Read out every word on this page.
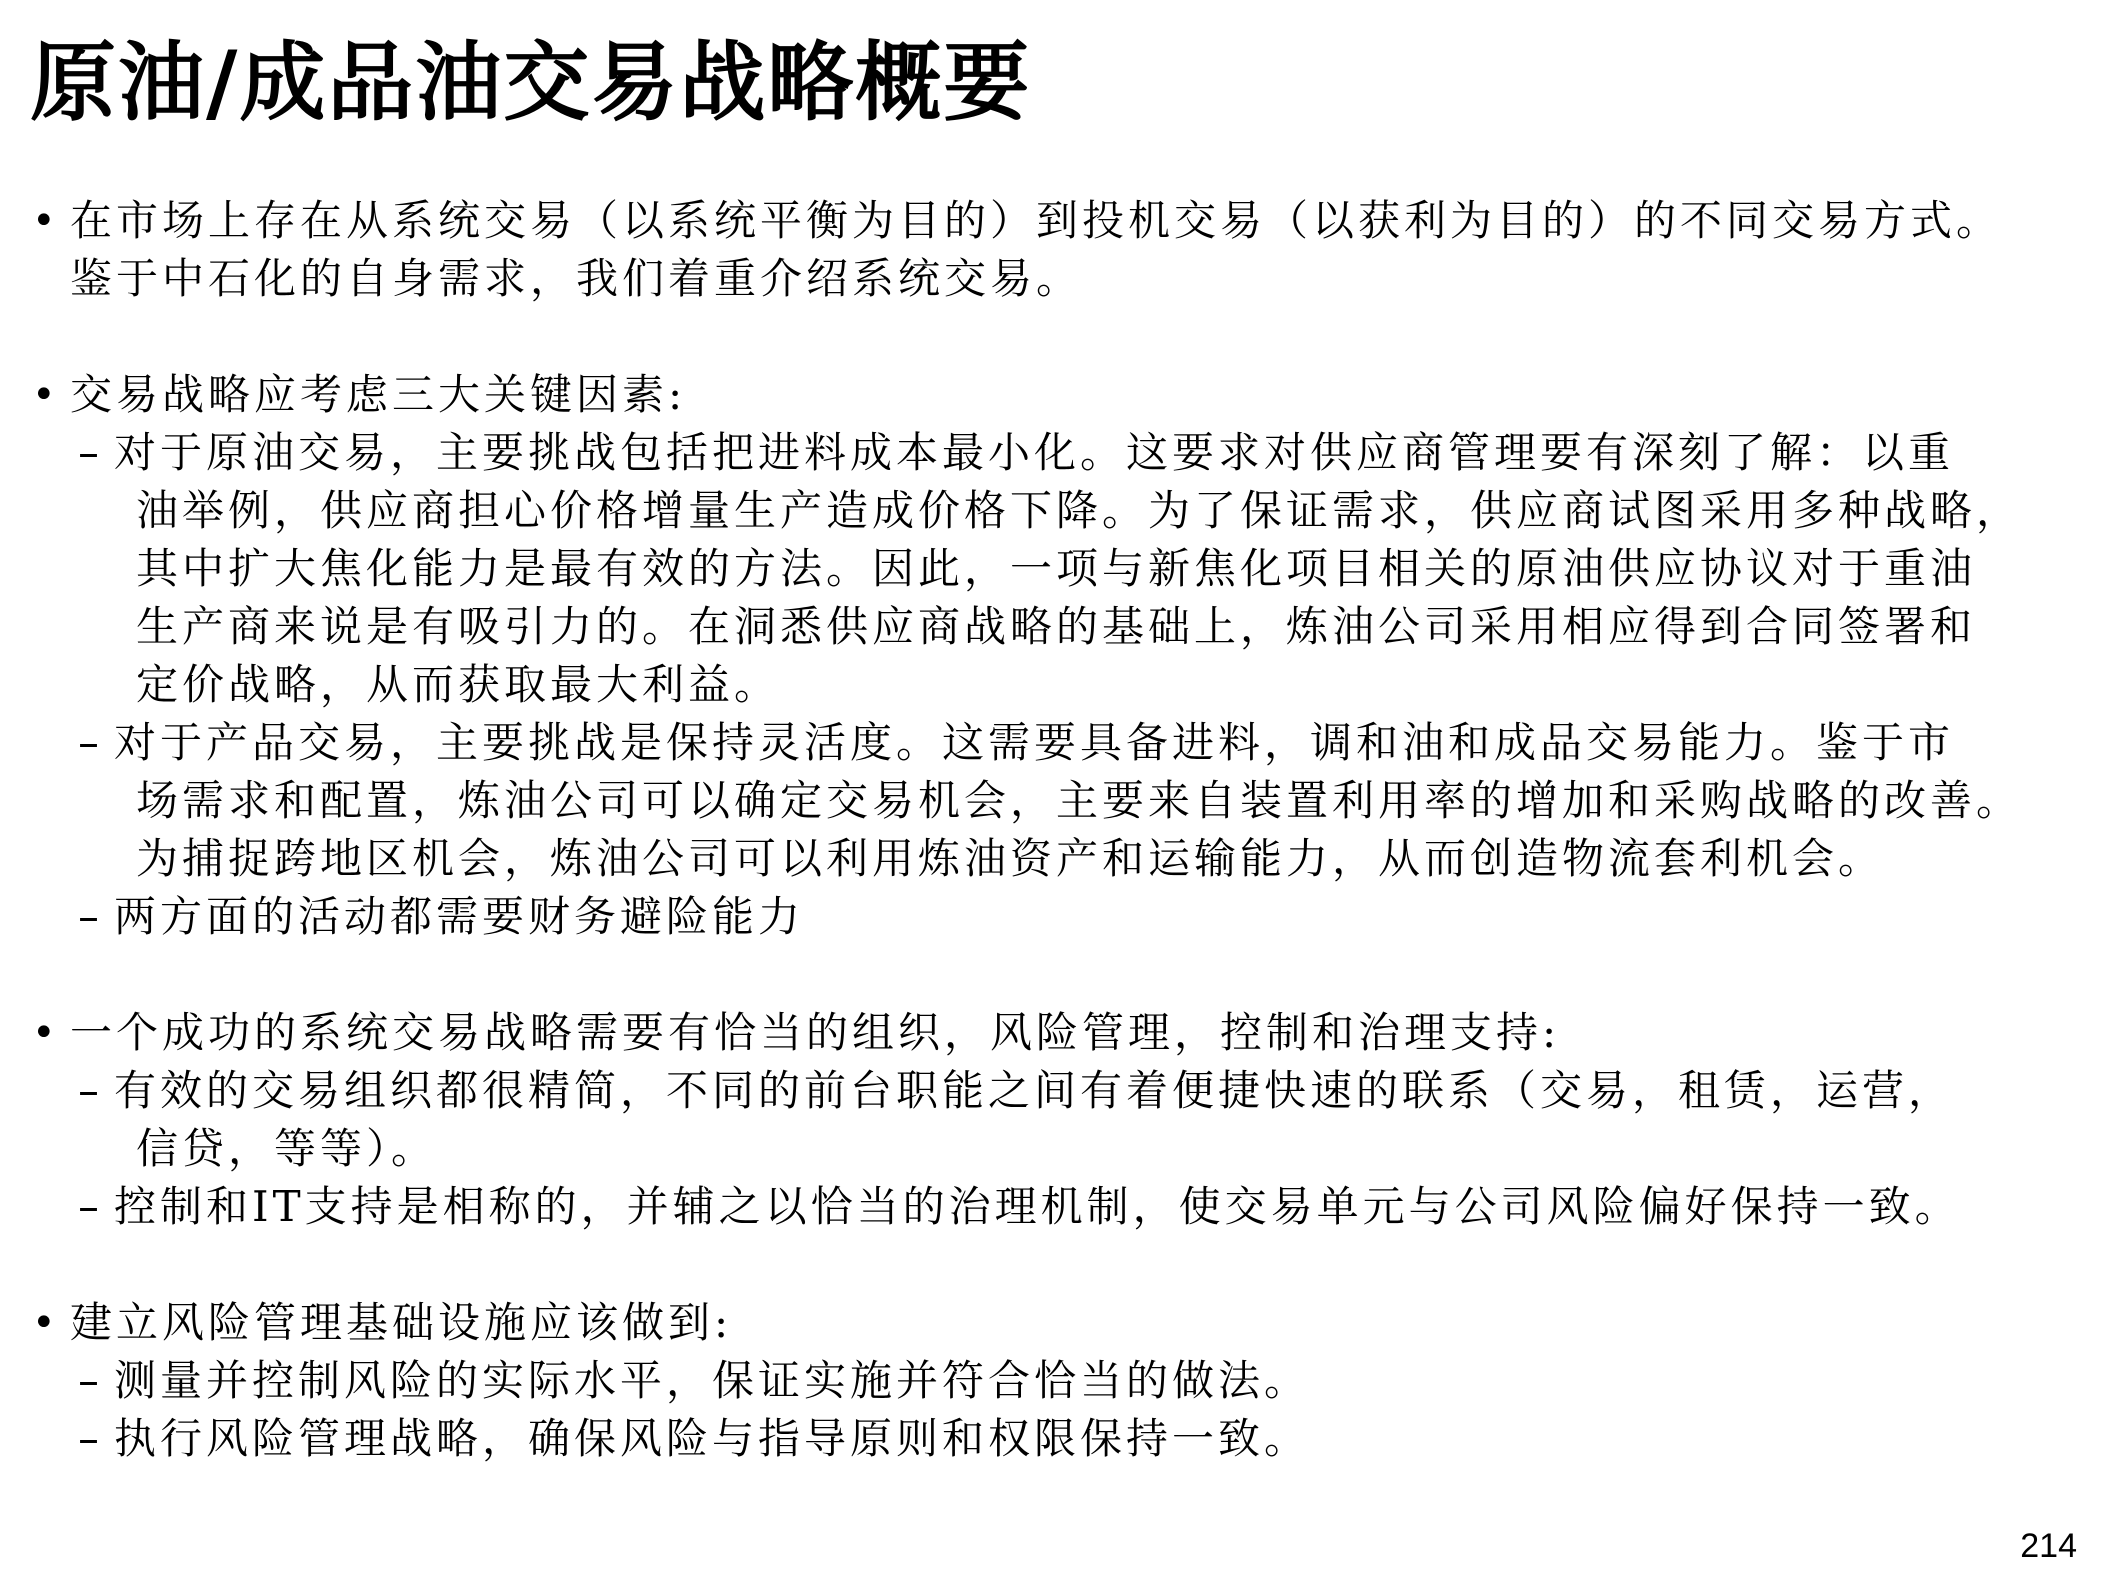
原油/成品油交易战略概要
• 在市场上存在从系统交易（以系统平衡为目的）到投机交易（以获利为目的）的不同交易方式。
鉴于中石化的自身需求，我们着重介绍系统交易。
• 交易战略应考虑三大关键因素:
– 对于原油交易，主要挑战包括把进料成本最小化。这要求对供应商管理要有深刻了解：以重
油举例，供应商担心价格增量生产造成价格下降。为了保证需求，供应商试图采用多种战略，
其中扩大焦化能力是最有效的方法。因此，一项与新焦化项目相关的原油供应协议对于重油
生产商来说是有吸引力的。在洞悉供应商战略的基础上，炼油公司采用相应得到合同签署和
定价战略，从而获取最大利益。
– 对于产品交易，主要挑战是保持灵活度。这需要具备进料，调和油和成品交易能力。鉴于市
场需求和配置，炼油公司可以确定交易机会，主要来自装置利用率的增加和采购战略的改善。
为捕捉跨地区机会，炼油公司可以利用炼油资产和运输能力，从而创造物流套利机会。
– 两方面的活动都需要财务避险能力
• 一个成功的系统交易战略需要有恰当的组织，风险管理，控制和治理支持:
– 有效的交易组织都很精简，不同的前台职能之间有着便捷快速的联系（交易，租赁，运营，
信贷，等等）。
– 控制和IT支持是相称的，并辅之以恰当的治理机制，使交易单元与公司风险偏好保持一致。
• 建立风险管理基础设施应该做到:
– 测量并控制风险的实际水平，保证实施并符合恰当的做法。
– 执行风险管理战略，确保风险与指导原则和权限保持一致。
214
